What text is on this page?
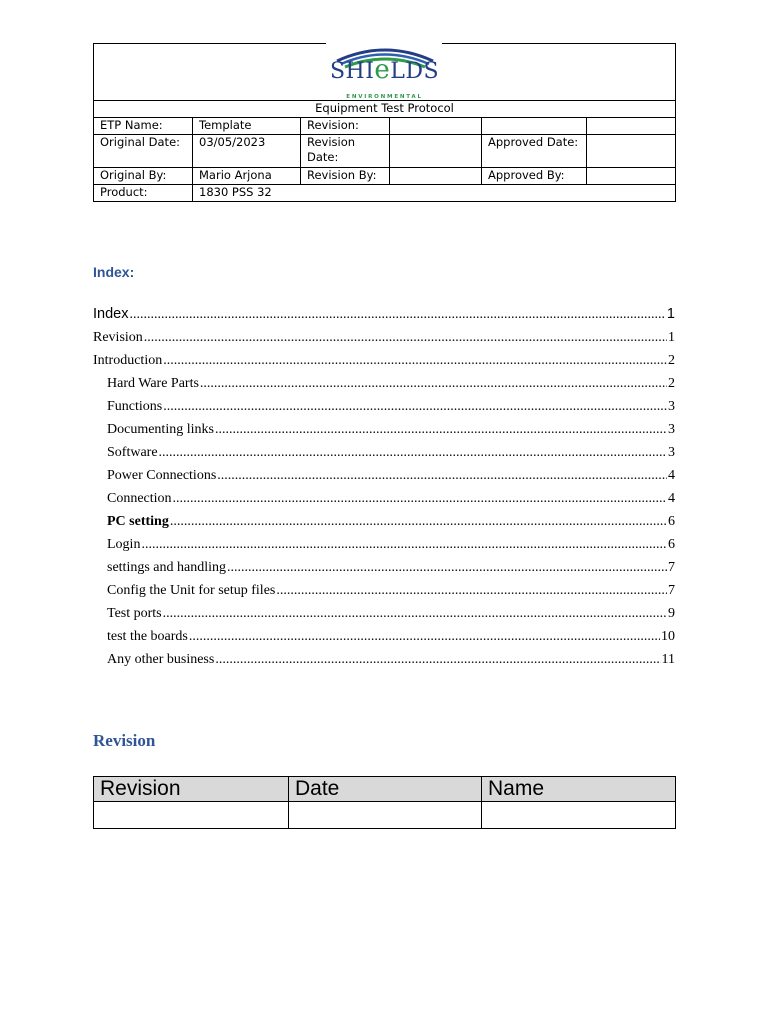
SHIeLDS
ENVIRONMENTAL					

Equipment Test Protocol					
ETP Name:	Template	Revision:			
Original Date:	03/05/2023	Revision Date:		Approved Date:	
Original By:	Mario Arjona	Revision By:		Approved By:	
Product:	1830 PSS 32				
Index:
Index .....	1
Revision .....	1
Introduction .....	2
Hard Ware Parts .....	2
Functions .....	3
Documenting links .....	3
Software .....	3
Power Connections .....	4
Connection .....	4
PC setting .....	6
Login .....	6
settings and handling .....	7
Config the Unit for setup files .....	7
Test ports .....	9
test the boards .....	10
Any other business .....	11
Revision
Revision	Date	Name
